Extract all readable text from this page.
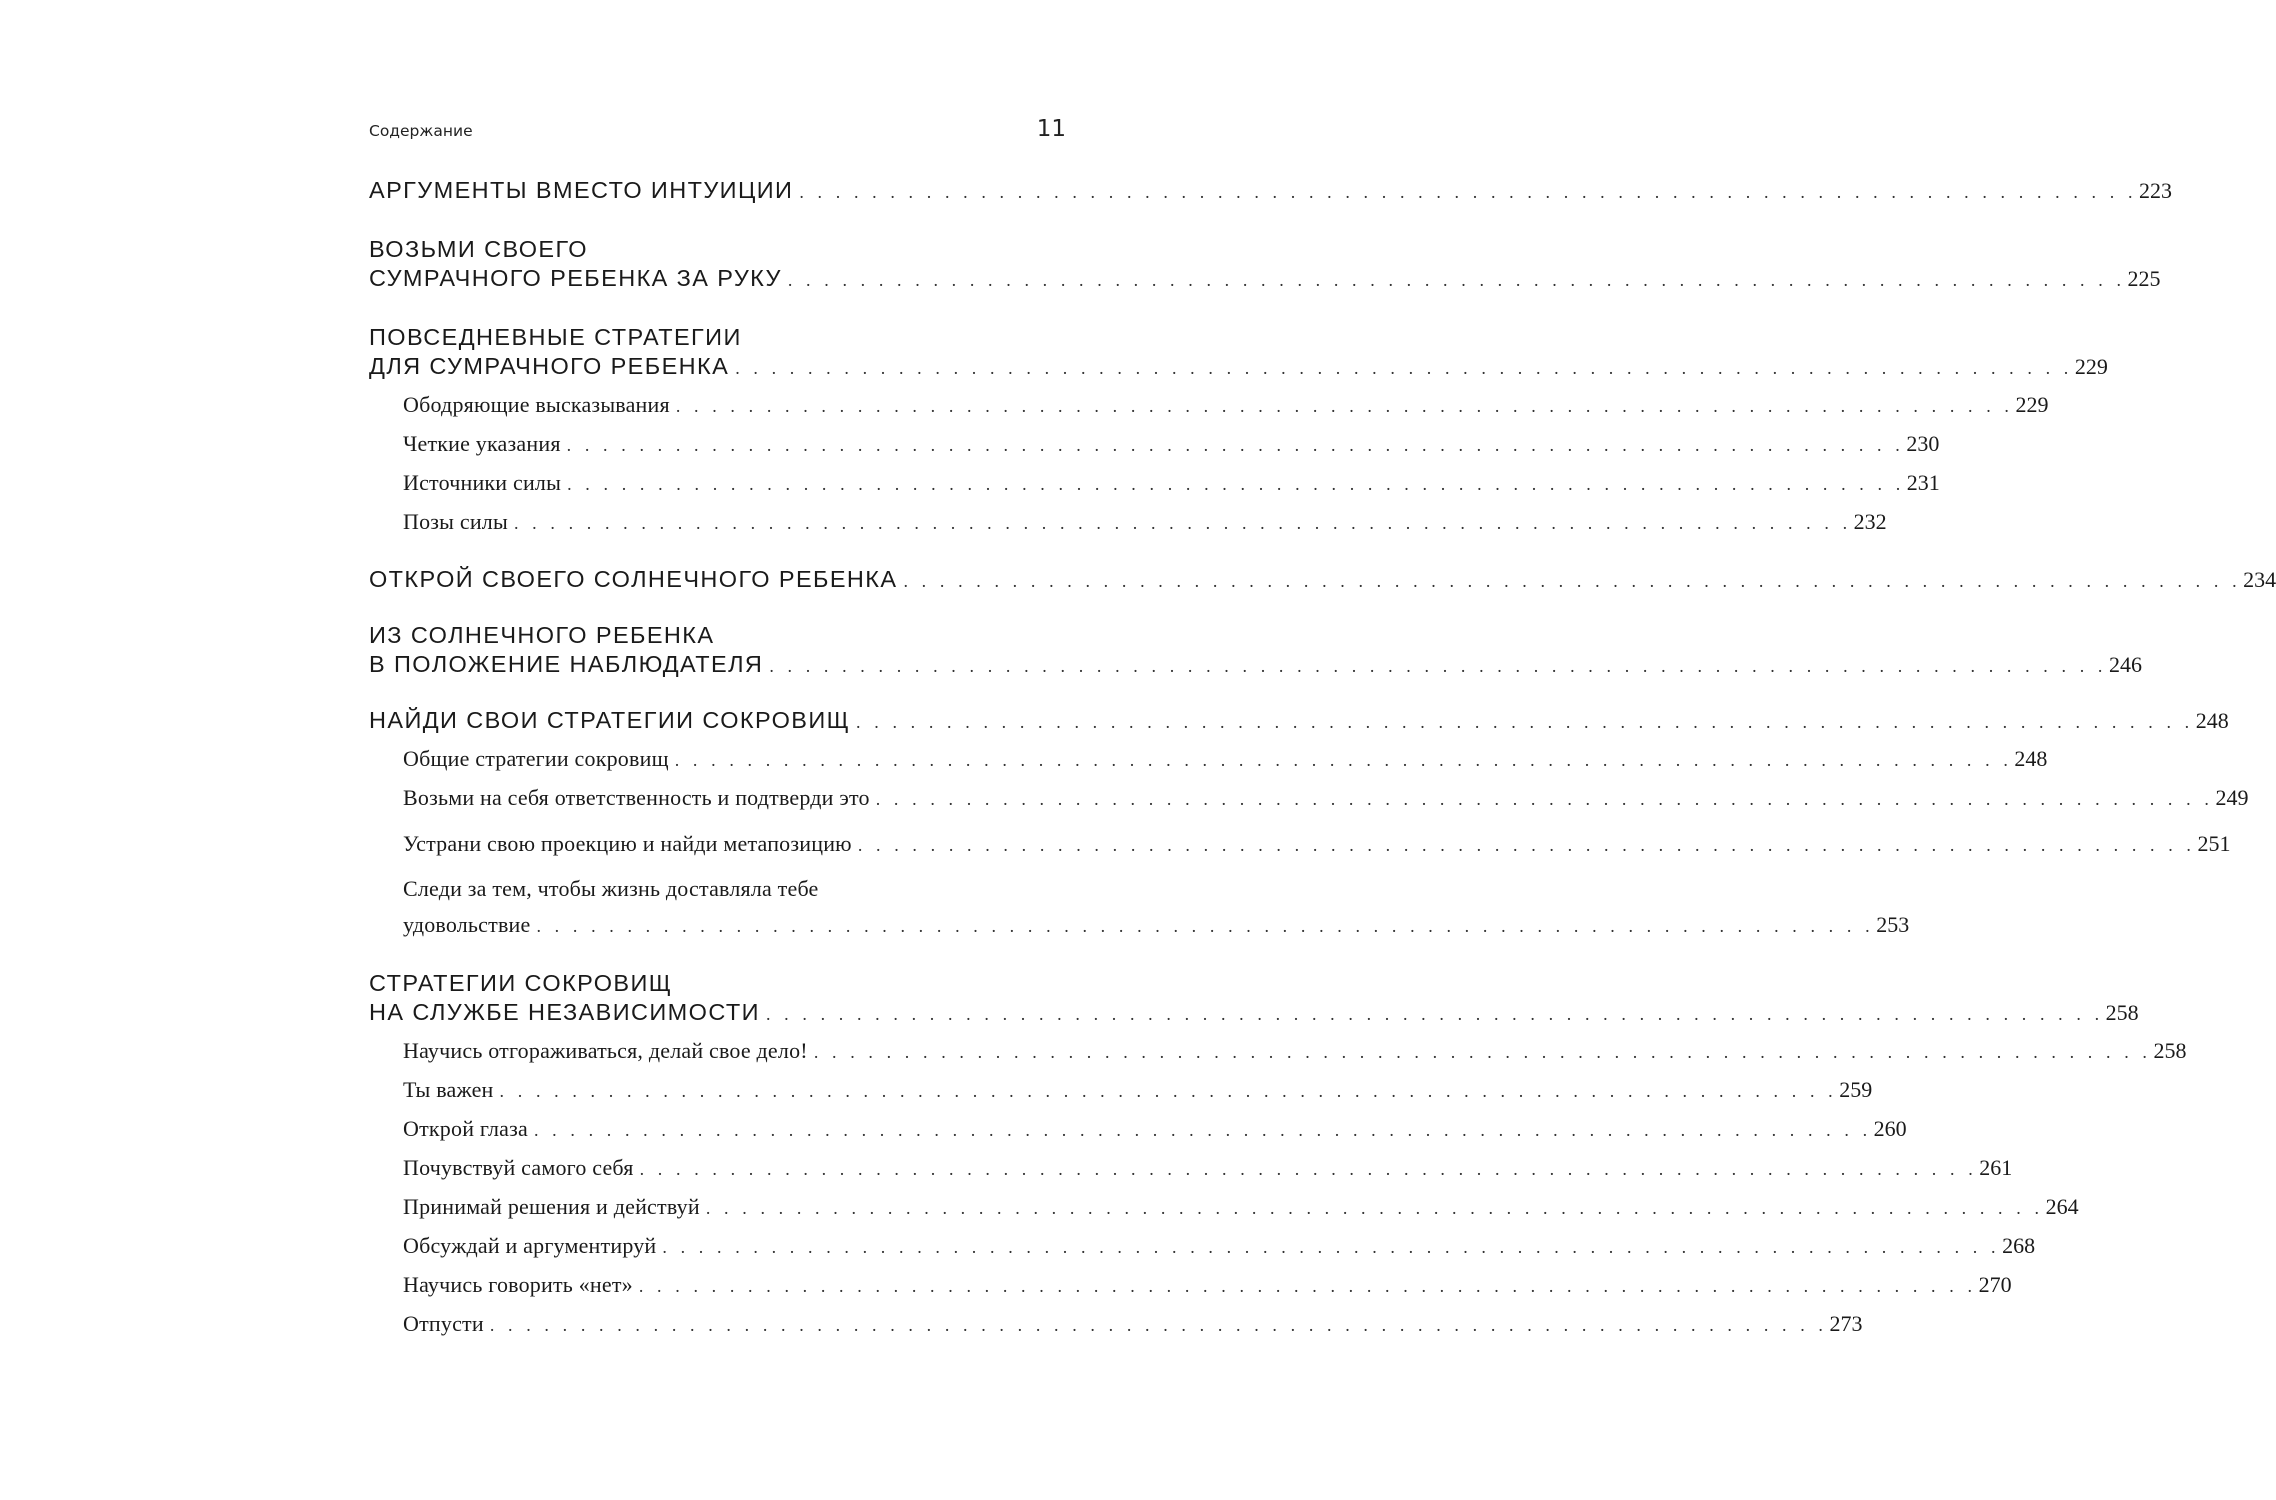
Содержание	11
АРГУМЕНТЫ ВМЕСТО ИНТУИЦИИ . . . . . . . . . . . . . . . . . . . . . . . . . . . . . . . . . . . . . . . . . . . . . . . . . . . . . . . . . . . . . . . . . . . . . . . . . . 223
ВОЗЬМИ СВОЕГО
СУМРАЧНОГО РЕБЕНКА ЗА РУКУ . . . . . . . . . . . . . . . . . . . . . . . . . . . . . . . . . . . . . . . . . . . . . . . . . . . . . . . . . . . . . . . . . . . . . . . . . . 225
ПОВСЕДНЕВНЫЕ СТРАТЕГИИ
ДЛЯ СУМРАЧНОГО РЕБЕНКА . . . . . . . . . . . . . . . . . . . . . . . . . . . . . . . . . . . . . . . . . . . . . . . . . . . . . . . . . . . . . . . . . . . . . . . . . . 229
Ободряющие высказывания . . . . . . . . . . . . . . . . . . . . . . . . . . . . . . . . . . . . . . . . . . . . . . . . . . . . . . . . . . . . . . . . . . . . . . . . . . 229
Четкие указания . . . . . . . . . . . . . . . . . . . . . . . . . . . . . . . . . . . . . . . . . . . . . . . . . . . . . . . . . . . . . . . . . . . . . . . . . . 230
Источники силы . . . . . . . . . . . . . . . . . . . . . . . . . . . . . . . . . . . . . . . . . . . . . . . . . . . . . . . . . . . . . . . . . . . . . . . . . . 231
Позы силы . . . . . . . . . . . . . . . . . . . . . . . . . . . . . . . . . . . . . . . . . . . . . . . . . . . . . . . . . . . . . . . . . . . . . . . . . . 232
ОТКРОЙ СВОЕГО СОЛНЕЧНОГО РЕБЕНКА . . . . . . . . . . . . . . . . . . . . . . . . . . . . . . . . . . . . . . . . . . . . . . . . . . . . . . . . . . . . . . . . . . . . . . . . . . 234
ИЗ СОЛНЕЧНОГО РЕБЕНКА
В ПОЛОЖЕНИЕ НАБЛЮДАТЕЛЯ . . . . . . . . . . . . . . . . . . . . . . . . . . . . . . . . . . . . . . . . . . . . . . . . . . . . . . . . . . . . . . . . . . . . . . . . . . 246
НАЙДИ СВОИ СТРАТЕГИИ СОКРОВИЩ . . . . . . . . . . . . . . . . . . . . . . . . . . . . . . . . . . . . . . . . . . . . . . . . . . . . . . . . . . . . . . . . . . . . . . . . . . 248
Общие стратегии сокровищ . . . . . . . . . . . . . . . . . . . . . . . . . . . . . . . . . . . . . . . . . . . . . . . . . . . . . . . . . . . . . . . . . . . . . . . . . . 248
Возьми на себя ответственность и подтверди это . . . . . . . . . . . . . . . . . . . . . . . . . . . . . . . . . . . . . . . . . . . . . . . . . . . . . . . . . . . . . . . . . . . . . . . . . . 249
Устрани свою проекцию и найди метапозицию . . . . . . . . . . . . . . . . . . . . . . . . . . . . . . . . . . . . . . . . . . . . . . . . . . . . . . . . . . . . . . . . . . . . . . . . . . 251
Следи за тем, чтобы жизнь доставляла тебе
удовольствие . . . . . . . . . . . . . . . . . . . . . . . . . . . . . . . . . . . . . . . . . . . . . . . . . . . . . . . . . . . . . . . . . . . . . . . . . . 253
СТРАТЕГИИ СОКРОВИЩ
НА СЛУЖБЕ НЕЗАВИСИМОСТИ . . . . . . . . . . . . . . . . . . . . . . . . . . . . . . . . . . . . . . . . . . . . . . . . . . . . . . . . . . . . . . . . . . . . . . . . . . 258
Научись отгораживаться, делай свое дело! . . . . . . . . . . . . . . . . . . . . . . . . . . . . . . . . . . . . . . . . . . . . . . . . . . . . . . . . . . . . . . . . . . . . . . . . . . 258
Ты важен . . . . . . . . . . . . . . . . . . . . . . . . . . . . . . . . . . . . . . . . . . . . . . . . . . . . . . . . . . . . . . . . . . . . . . . . . . 259
Открой глаза . . . . . . . . . . . . . . . . . . . . . . . . . . . . . . . . . . . . . . . . . . . . . . . . . . . . . . . . . . . . . . . . . . . . . . . . . . 260
Почувствуй самого себя . . . . . . . . . . . . . . . . . . . . . . . . . . . . . . . . . . . . . . . . . . . . . . . . . . . . . . . . . . . . . . . . . . . . . . . . . . 261
Принимай решения и действуй . . . . . . . . . . . . . . . . . . . . . . . . . . . . . . . . . . . . . . . . . . . . . . . . . . . . . . . . . . . . . . . . . . . . . . . . . . 264
Обсуждай и аргументируй . . . . . . . . . . . . . . . . . . . . . . . . . . . . . . . . . . . . . . . . . . . . . . . . . . . . . . . . . . . . . . . . . . . . . . . . . . 268
Научись говорить «нет» . . . . . . . . . . . . . . . . . . . . . . . . . . . . . . . . . . . . . . . . . . . . . . . . . . . . . . . . . . . . . . . . . . . . . . . . . . 270
Отпусти . . . . . . . . . . . . . . . . . . . . . . . . . . . . . . . . . . . . . . . . . . . . . . . . . . . . . . . . . . . . . . . . . . . . . . . . . . 273
